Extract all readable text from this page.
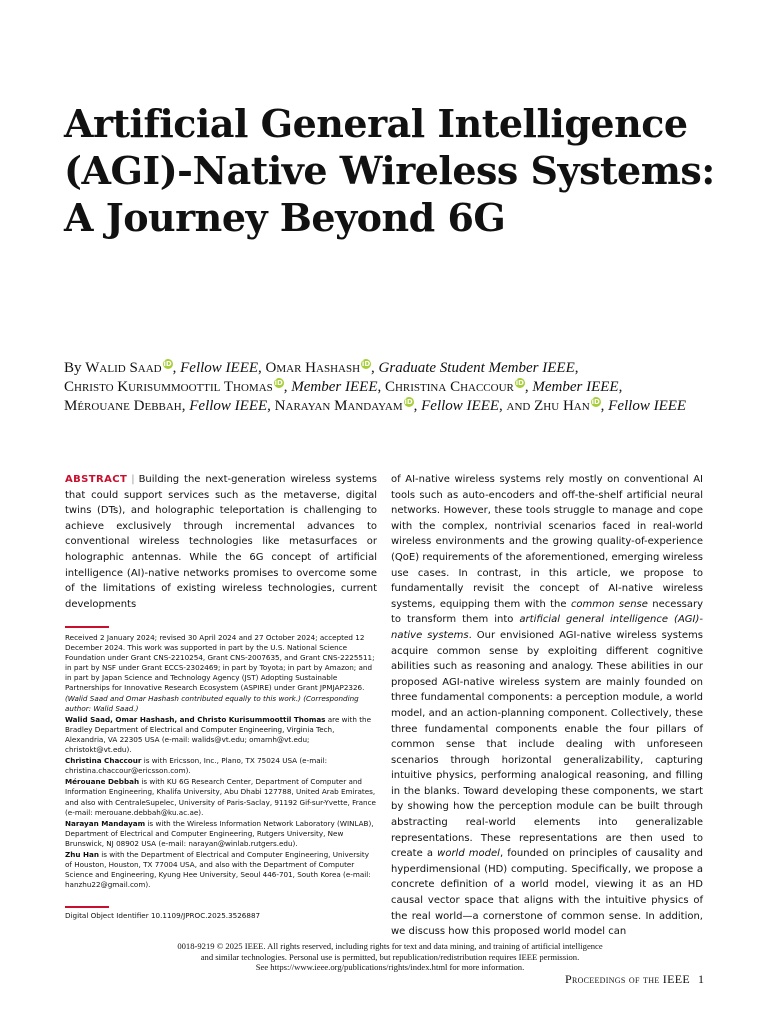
Artificial General Intelligence (AGI)-Native Wireless Systems: A Journey Beyond 6G
By Walid Saad iD, Fellow IEEE, Omar Hashash iD, Graduate Student Member IEEE,
Christo Kurisummoottil Thomas iD, Member IEEE, Christina Chaccour iD, Member IEEE,
Mérouane Debbah, Fellow IEEE, Narayan Mandayam iD, Fellow IEEE, and Zhu Han iD, Fellow IEEE
ABSTRACT | Building the next-generation wireless systems that could support services such as the metaverse, digital twins (DTs), and holographic teleportation is challenging to achieve exclusively through incremental advances to conventional wireless technologies like metasurfaces or holographic antennas. While the 6G concept of artificial intelligence (AI)-native networks promises to overcome some of the limitations of existing wireless technologies, current developments
of AI-native wireless systems rely mostly on conventional AI tools such as auto-encoders and off-the-shelf artificial neural networks. However, these tools struggle to manage and cope with the complex, nontrivial scenarios faced in real-world wireless environments and the growing quality-of-experience (QoE) requirements of the aforementioned, emerging wireless use cases. In contrast, in this article, we propose to fundamentally revisit the concept of AI-native wireless systems, equipping them with the common sense necessary to transform them into artificial general intelligence (AGI)-native systems. Our envisioned AGI-native wireless systems acquire common sense by exploiting different cognitive abilities such as reasoning and analogy. These abilities in our proposed AGI-native wireless system are mainly founded on three fundamental components: a perception module, a world model, and an action-planning component. Collectively, these three fundamental components enable the four pillars of common sense that include dealing with unforeseen scenarios through horizontal generalizability, capturing intuitive physics, performing analogical reasoning, and filling in the blanks. Toward developing these components, we start by showing how the perception module can be built through abstracting real-world elements into generalizable representations. These representations are then used to create a world model, founded on principles of causality and hyperdimensional (HD) computing. Specifically, we propose a concrete definition of a world model, viewing it as an HD causal vector space that aligns with the intuitive physics of the real world—a cornerstone of common sense. In addition, we discuss how this proposed world model can

Received 2 January 2024; revised 30 April 2024 and 27 October 2024; accepted 12 December 2024. This work was supported in part by the U.S. National Science Foundation under Grant CNS-2210254, Grant CNS-2007635, and Grant CNS-2225511; in part by NSF under Grant ECCS-2302469; in part by Toyota; in part by Amazon; and in part by Japan Science and Technology Agency (JST) Adopting Sustainable Partnerships for Innovative Research Ecosystem (ASPIRE) under Grant JPMJAP2326. (Walid Saad and Omar Hashash contributed equally to this work.) (Corresponding author: Walid Saad.)

Walid Saad, Omar Hashash, and Christo Kurisummoottil Thomas are with the Bradley Department of Electrical and Computer Engineering, Virginia Tech, Alexandria, VA 22305 USA (e-mail: walids@vt.edu; omarnh@vt.edu; christokt@vt.edu).

Christina Chaccour is with Ericsson, Inc., Plano, TX 75024 USA (e-mail: christina.chaccour@ericsson.com).

Mérouane Debbah is with KU 6G Research Center, Department of Computer and Information Engineering, Khalifa University, Abu Dhabi 127788, United Arab Emirates, and also with CentraleSupelec, University of Paris-Saclay, 91192 Gif-sur-Yvette, France (e-mail: merouane.debbah@ku.ac.ae).

Narayan Mandayam is with the Wireless Information Network Laboratory (WINLAB), Department of Electrical and Computer Engineering, Rutgers University, New Brunswick, NJ 08902 USA (e-mail: narayan@winlab.rutgers.edu).

Zhu Han is with the Department of Electrical and Computer Engineering, University of Houston, Houston, TX 77004 USA, and also with the Department of Computer Science and Engineering, Kyung Hee University, Seoul 446-701, South Korea (e-mail: hanzhu22@gmail.com).

Digital Object Identifier 10.1109/JPROC.2025.3526887
0018-9219 © 2025 IEEE. All rights reserved, including rights for text and data mining, and training of artificial intelligence
and similar technologies. Personal use is permitted, but republication/redistribution requires IEEE permission.
See https://www.ieee.org/publications/rights/index.html for more information.
Proceedings of the IEEE 1
